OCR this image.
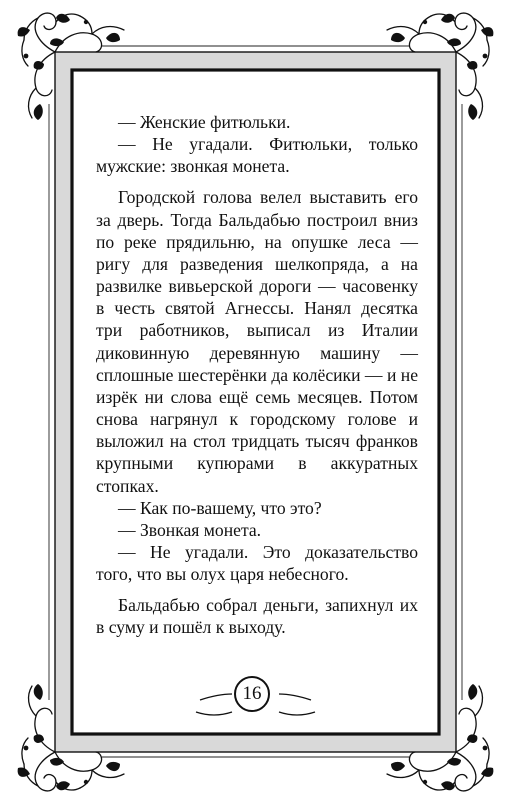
— Женские фитюльки.

— Не угадали. Фитюльки, только мужские: звонкая монета.

Городской голова велел выставить его за дверь. Тогда Бальдабью построил вниз по реке прядильню, на опушке леса — ригу для разведения шелкопряда, а на развилке вивьерской дороги — часовенку в честь святой Агнессы. Нанял десятка три работников, выписал из Италии диковинную деревянную машину — сплошные шестерёнки да колёсики — и не изрёк ни слова ещё семь месяцев. Потом снова нагрянул к городскому голове и выложил на стол тридцать тысяч франков крупными купюрами в аккуратных стопках.

— Как по-вашему, что это?

— Звонкая монета.

— Не угадали. Это доказательство того, что вы олух царя небесного.

Бальдабью собрал деньги, запихнул их в суму и пошёл к выходу.

16
